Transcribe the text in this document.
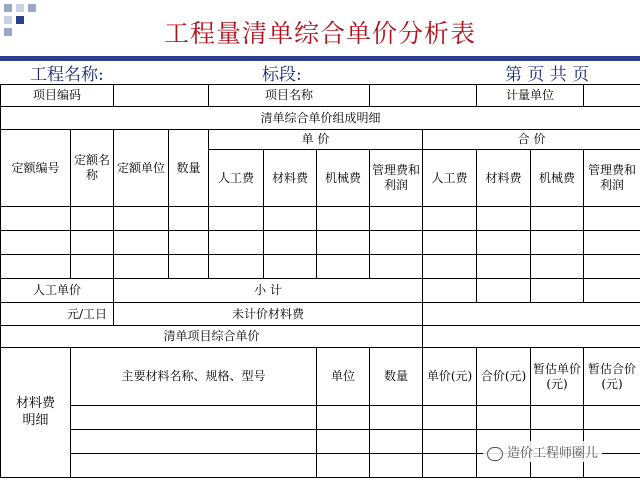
工程量清单综合单价分析表
工程名称:	标段:	第 页 共 页
项目编码				项目名称					计量单位		
清单综合单价组成明细											
定额编号	定额名称	定额单位	数量	单 价				合 价			
				人工费	材料费	机械费	管理费和利润	人工费	材料费	机械费	管理费和利润

人工单价		小 计									
元/工日		未计价材料费									
清单项目综合单价											
材料费明细	主要材料名称、规格、型号					单位	数量	单价(元)	合价(元)	暂估单价(元)	暂估合价(元)

造价工程师圈儿
